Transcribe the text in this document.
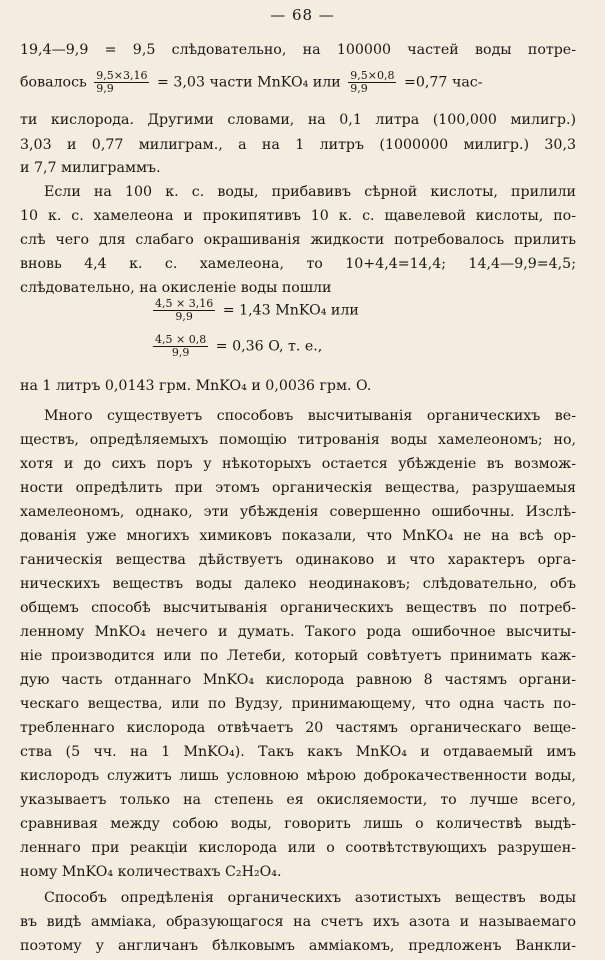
— 68 —
19,4—9,9 = 9,5 слѣдовательно, на 100000 частей воды потре-
бовалось $\frac{9,5\times 3,16}{9,9} = 3,03$ части MnKO₄ или $\frac{9,5\times 0,8}{9,9} =0,77$ час-
ти кислорода. Другими словами, на 0,1 литра (100,000 милигр.)
3,03 и 0,77 милиграм., а на 1 литръ (1000000 милигр.) 30,3
и 7,7 милиграммъ.
Если на 100 к. с. воды, прибавивъ сѣрной кислоты, прилили
10 к. с. хамелеона и прокипятивъ 10 к. с. щавелевой кислоты, по-
слѣ чего для слабаго окрашиванія жидкости потребовалось прилить
вновь 4,4 к. с. хамелеона, то 10+4,4=14,4; 14,4—9,9=4,5;
слѣдовательно, на окисленіе воды пошли
$\frac{4,5 \times 3,16}{9,9} = 1,43$ MnKO₄ или
$\frac{4,5 \times 0,8}{9,9} = 0,36$ O, т. е.,
на 1 литръ 0,0143 грм. MnKO₄ и 0,0036 грм. O.
Много существуетъ способовъ высчитыванія органическихъ ве-
ществъ, опредѣляемыхъ помощію титрованія воды хамелеономъ; но,
хотя и до сихъ поръ у нѣкоторыхъ остается убѣжденіе въ возмож-
ности опредѣлить при этомъ органическія вещества, разрушаемыя
хамелеономъ, однако, эти убѣжденія совершенно ошибочны. Изслѣ-
дованія уже многихъ химиковъ показали, что MnKO₄ не на всѣ ор-
ганическія вещества дѣйствуетъ одинаково и что характеръ орга-
ническихъ веществъ воды далеко неодинаковъ; слѣдовательно, объ
общемъ способѣ высчитыванія органическихъ веществъ по потреб-
ленному MnKO₄ нечего и думать. Такого рода ошибочное высчиты-
ніе производится или по Летеби, который совѣтуетъ принимать каж-
дую часть отданнаго MnKO₄ кислорода равною 8 частямъ органи-
ческаго вещества, или по Вудзу, принимающему, что одна часть по-
требленнаго кислорода отвѣчаетъ 20 частямъ органическаго веще-
ства (5 чч. на 1 MnKO₄). Такъ какъ MnKO₄ и отдаваемый имъ
кислородъ служитъ лишь условною мѣрою доброкачественности воды,
указываетъ только на степень ея окисляемости, то лучше всего,
сравнивая между собою воды, говорить лишь о количествѣ выдѣ-
леннаго при реакціи кислорода или о соотвѣтствующихъ разрушен-
ному MnKO₄ количествахъ C₂H₂O₄.
Способъ опредѣленія органическихъ азотистыхъ веществъ воды
въ видѣ амміака, образующагося на счетъ ихъ азота и называемаго
поэтому у англичанъ бѣлковымъ амміакомъ, предложенъ Ванкли-
